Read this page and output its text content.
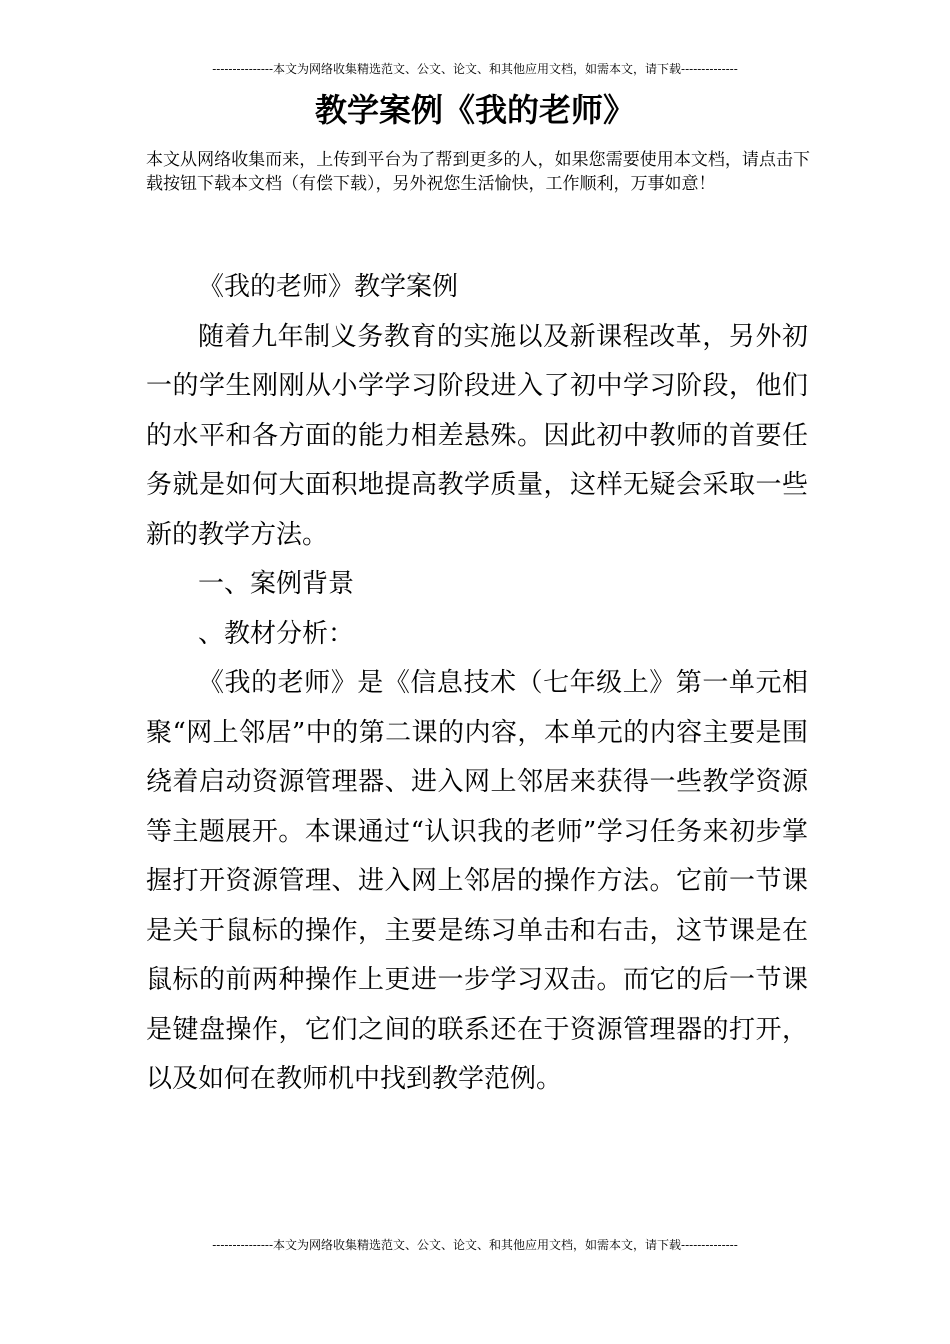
---------------本文为网络收集精选范文、公文、论文、和其他应用文档，如需本文，请下载--------------
教学案例《我的老师》
本文从网络收集而来，上传到平台为了帮到更多的人，如果您需要使用本文档，请点击下载按钮下载本文档（有偿下载），另外祝您生活愉快，工作顺利，万事如意！

《我的老师》教学案例

随着九年制义务教育的实施以及新课程改革，另外初一的学生刚刚从小学学习阶段进入了初中学习阶段，他们的水平和各方面的能力相差悬殊。因此初中教师的首要任务就是如何大面积地提高教学质量，这样无疑会采取一些新的教学方法。

一、案例背景

、教材分析：

《我的老师》是《信息技术（七年级上》第一单元相聚“网上邻居”中的第二课的内容，本单元的内容主要是围绕着启动资源管理器、进入网上邻居来获得一些教学资源等主题展开。本课通过“认识我的老师”学习任务来初步掌握打开资源管理、进入网上邻居的操作方法。它前一节课是关于鼠标的操作，主要是练习单击和右击，这节课是在鼠标的前两种操作上更进一步学习双击。而它的后一节课是键盘操作，它们之间的联系还在于资源管理器的打开，以及如何在教师机中找到教学范例。

---------------本文为网络收集精选范文、公文、论文、和其他应用文档，如需本文，请下载--------------
